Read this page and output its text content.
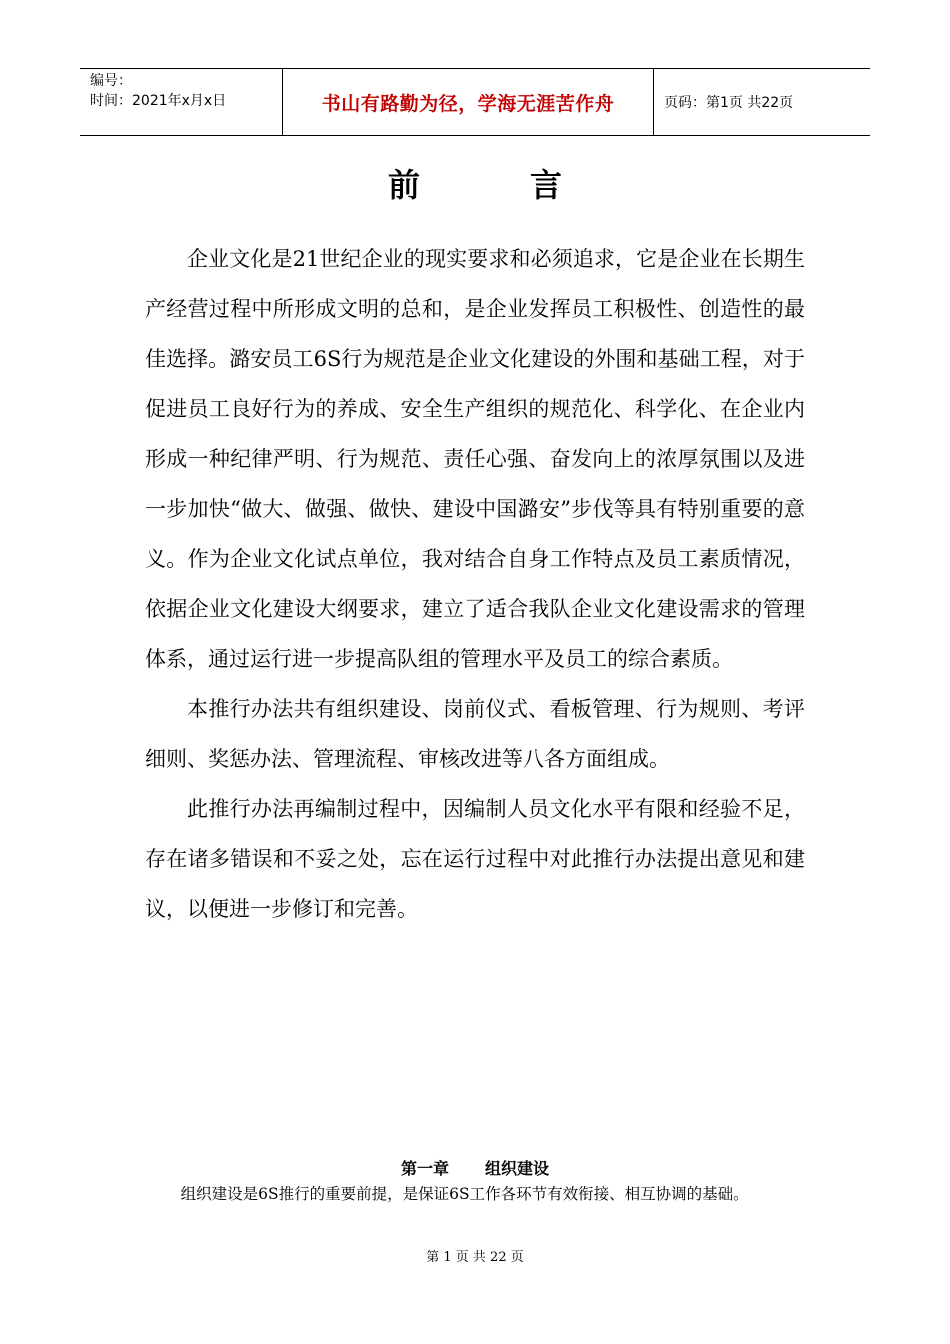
编号：
时间：2021年x月x日	书山有路勤为径，学海无涯苦作舟	页码：第1页 共22页
前	言

企业文化是21世纪企业的现实要求和必须追求，它是企业在长期生产经营过程中所形成文明的总和，是企业发挥员工积极性、创造性的最佳选择。潞安员工6S行为规范是企业文化建设的外围和基础工程，对于促进员工良好行为的养成、安全生产组织的规范化、科学化、在企业内形成一种纪律严明、行为规范、责任心强、奋发向上的浓厚氛围以及进一步加快“做大、做强、做快、建设中国潞安”步伐等具有特别重要的意义。作为企业文化试点单位，我对结合自身工作特点及员工素质情况，依据企业文化建设大纲要求，建立了适合我队企业文化建设需求的管理体系，通过运行进一步提高队组的管理水平及员工的综合素质。

本推行办法共有组织建设、岗前仪式、看板管理、行为规则、考评细则、奖惩办法、管理流程、审核改进等八各方面组成。

此推行办法再编制过程中，因编制人员文化水平有限和经验不足，存在诸多错误和不妥之处，忘在运行过程中对此推行办法提出意见和建议，以便进一步修订和完善。

第一章 组织建设

组织建设是6S推行的重要前提，是保证6S工作各环节有效衔接、相互协调的基础。

第 1 页 共 22 页
